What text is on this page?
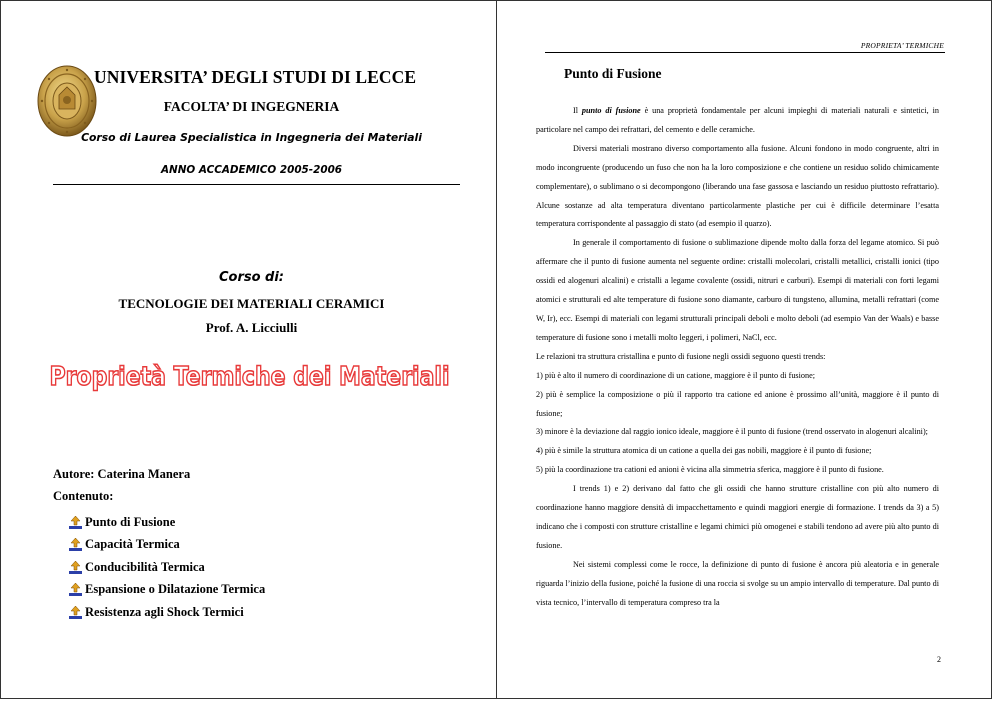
UNIVERSITA’ DEGLI STUDI DI LECCE
FACOLTA’ DI INGEGNERIA
Corso di Laurea Specialistica in Ingegneria dei Materiali
ANNO ACCADEMICO 2005-2006
Corso di:
TECNOLOGIE DEI MATERIALI CERAMICI
Prof. A. Licciulli
Proprietà Termiche dei Materiali
Autore: Caterina Manera
Contenuto:
Punto di Fusione
Capacità Termica
Conducibilità Termica
Espansione o Dilatazione Termica
Resistenza agli Shock Termici
PROPRIETA’ TERMICHE
Punto di Fusione

Il punto di fusione è una proprietà fondamentale per alcuni impieghi di materiali naturali e sintetici, in particolare nel campo dei refrattari, del cemento e delle ceramiche.

Diversi materiali mostrano diverso comportamento alla fusione. Alcuni fondono in modo congruente, altri in modo incongruente (producendo un fuso che non ha la loro composizione e che contiene un residuo solido chimicamente complementare), o sublimano o si decompongono (liberando una fase gassosa e lasciando un residuo piuttosto refrattario). Alcune sostanze ad alta temperatura diventano particolarmente plastiche per cui è difficile determinare l’esatta temperatura corrispondente al passaggio di stato (ad esempio il quarzo).

In generale il comportamento di fusione o sublimazione dipende molto dalla forza del legame atomico. Si può affermare che il punto di fusione aumenta nel seguente ordine: cristalli molecolari, cristalli metallici, cristalli ionici (tipo ossidi ed alogenuri alcalini) e cristalli a legame covalente (ossidi, nitruri e carburi). Esempi di materiali con forti legami atomici e strutturali ed alte temperature di fusione sono diamante, carburo di tungsteno, allumina, metalli refrattari (come W, Ir), ecc. Esempi di materiali con legami strutturali principali deboli e molto deboli (ad esempio Van der Waals) e basse temperature di fusione sono i metalli molto leggeri, i polimeri, NaCl, ecc.

Le relazioni tra struttura cristallina e punto di fusione negli ossidi seguono questi trends:

1) più è alto il numero di coordinazione di un catione, maggiore è il punto di fusione;

2) più è semplice la composizione o più il rapporto tra catione ed anione è prossimo all’unità, maggiore è il punto di fusione;

3) minore è la deviazione dal raggio ionico ideale, maggiore è il punto di fusione (trend osservato in alogenuri alcalini);

4) più è simile la struttura atomica di un catione a quella dei gas nobili, maggiore è il punto di fusione;

5) più la coordinazione tra cationi ed anioni è vicina alla simmetria sferica, maggiore è il punto di fusione.

I trends 1) e 2) derivano dal fatto che gli ossidi che hanno strutture cristalline con più alto numero di coordinazione hanno maggiore densità di impacchettamento e quindi maggiori energie di formazione. I trends da 3) a 5) indicano che i composti con strutture cristalline e legami chimici più omogenei e stabili tendono ad avere più alto punto di fusione.

Nei sistemi complessi come le rocce, la definizione di punto di fusione è ancora più aleatoria e in generale riguarda l’inizio della fusione, poiché la fusione di una roccia si svolge su un ampio intervallo di temperature. Dal punto di vista tecnico, l’intervallo di temperatura compreso tra la

2
